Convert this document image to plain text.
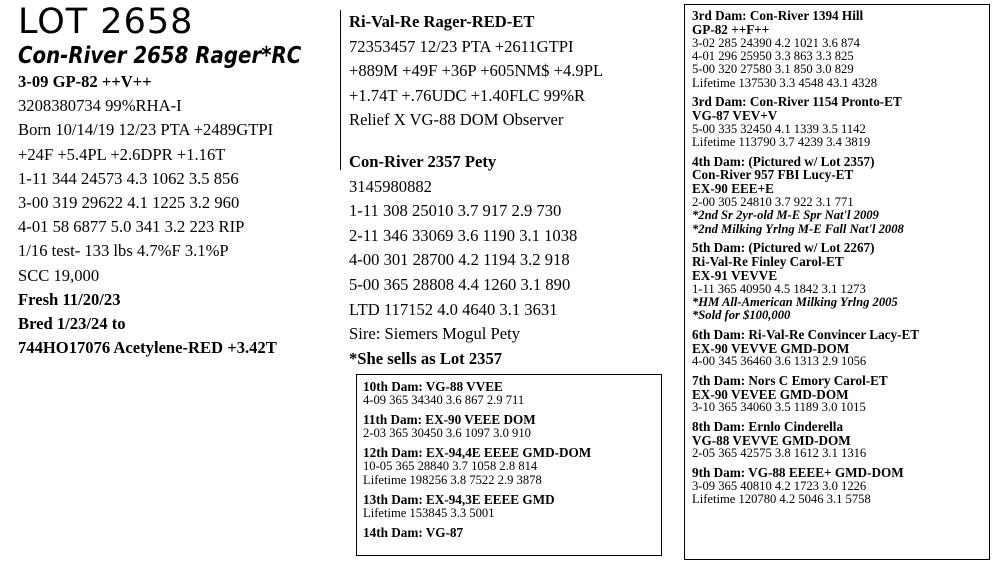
LOT 2658
Con-River 2658 Rager*RC
3-09 GP-82 ++V++
3208380734 99%RHA-I
Born 10/14/19 12/23 PTA +2489GTPI
+24F +5.4PL +2.6DPR +1.16T
1-11 344 24573 4.3 1062 3.5 856
3-00 319 29622 4.1 1225 3.2 960
4-01 58 6877 5.0 341 3.2 223 RIP
1/16 test- 133 lbs 4.7%F 3.1%P
SCC 19,000
Fresh 11/20/23
Bred 1/23/24 to
744HO17076 Acetylene-RED +3.42T
Ri-Val-Re Rager-RED-ET
72353457 12/23 PTA +2611GTPI
+889M +49F +36P +605NM$ +4.9PL
+1.74T +.76UDC +1.40FLC 99%R
Relief X VG-88 DOM Observer
Con-River 2357 Pety
3145980882
1-11 308 25010 3.7 917 2.9 730
2-11 346 33069 3.6 1190 3.1 1038
4-00 301 28700 4.2 1194 3.2 918
5-00 365 28808 4.4 1260 3.1 890
LTD 117152 4.0 4640 3.1 3631
Sire: Siemers Mogul Pety
*She sells as Lot 2357
10th Dam: VG-88 VVEE
4-09 365 34340 3.6 867 2.9 711
11th Dam: EX-90 VEEE DOM
2-03 365 30450 3.6 1097 3.0 910
12th Dam: EX-94,4E EEEE GMD-DOM
10-05 365 28840 3.7 1058 2.8 814
Lifetime 198256 3.8 7522 2.9 3878
13th Dam: EX-94,3E EEEE GMD
Lifetime 153845 3.3 5001
14th Dam: VG-87
3rd Dam: Con-River 1394 Hill
GP-82 ++F++
3-02 285 24390 4.2 1021 3.6 874
4-01 296 25950 3.3 863 3.3 825
5-00 320 27580 3.1 850 3.0 829
Lifetime 137530 3.3 4548 43.1 4328
3rd Dam: Con-River 1154 Pronto-ET
VG-87 VEV+V
5-00 335 32450 4.1 1339 3.5 1142
Lifetime 113790 3.7 4239 3.4 3819
4th Dam: (Pictured w/ Lot 2357)
Con-River 957 FBI Lucy-ET
EX-90 EEE+E
2-00 305 24810 3.7 922 3.1 771
*2nd Sr 2yr-old M-E Spr Nat'l 2009
*2nd Milking Yrlng M-E Fall Nat'l 2008
5th Dam: (Pictured w/ Lot 2267)
Ri-Val-Re Finley Carol-ET
EX-91 VEVVE
1-11 365 40950 4.5 1842 3.1 1273
*HM All-American Milking Yrlng 2005
*Sold for $100,000
6th Dam: Ri-Val-Re Convincer Lacy-ET
EX-90 VEVVE GMD-DOM
4-00 345 36460 3.6 1313 2.9 1056
7th Dam: Nors C Emory Carol-ET
EX-90 VEVEE GMD-DOM
3-10 365 34060 3.5 1189 3.0 1015
8th Dam: Ernlo Cinderella
VG-88 VEVVE GMD-DOM
2-05 365 42575 3.8 1612 3.1 1316
9th Dam: VG-88 EEEE+ GMD-DOM
3-09 365 40810 4.2 1723 3.0 1226
Lifetime 120780 4.2 5046 3.1 5758
